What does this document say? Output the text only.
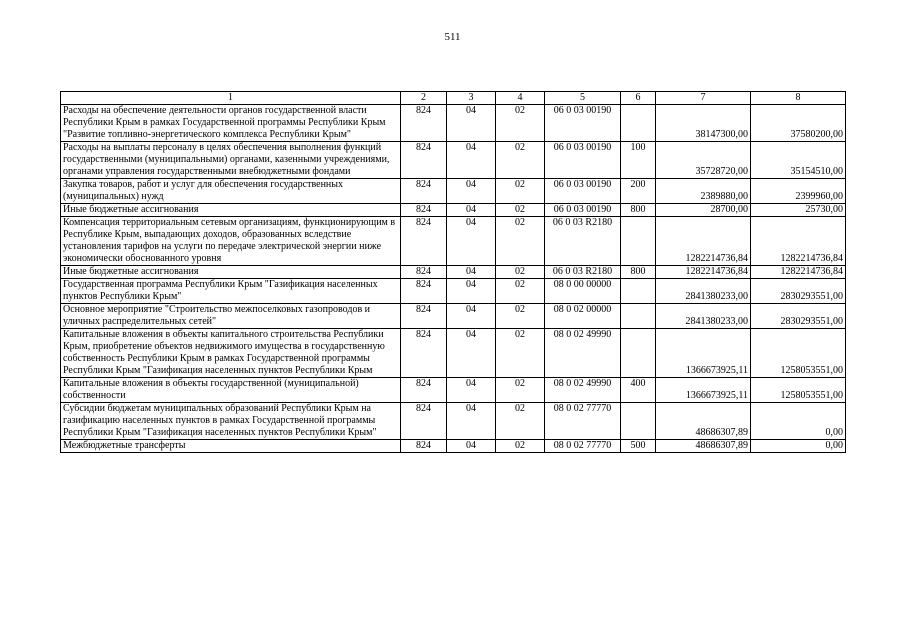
511
1	2	3	4	5	6	7	8
Расходы на обеспечение деятельности органов государственной власти Республики Крым в рамках Государственной программы Республики Крым "Развитие топливно-энергетического комплекса Республики Крым"	824	04	02	06 0 03 00190		38147300,00	37580200,00
Расходы на выплаты персоналу в целях обеспечения выполнения функций государственными (муниципальными) органами, казенными учреждениями, органами управления государственными внебюджетными фондами	824	04	02	06 0 03 00190	100	35728720,00	35154510,00
Закупка товаров, работ и услуг для обеспечения государственных (муниципальных) нужд	824	04	02	06 0 03 00190	200	2389880,00	2399960,00
Иные бюджетные ассигнования	824	04	02	06 0 03 00190	800	28700,00	25730,00
Компенсация территориальным сетевым организациям, функционирующим в Республике Крым, выпадающих доходов, образованных вследствие установления тарифов на услуги по передаче электрической энергии ниже экономически обоснованного уровня	824	04	02	06 0 03 R2180		1282214736,84	1282214736,84
Иные бюджетные ассигнования	824	04	02	06 0 03 R2180	800	1282214736,84	1282214736,84
Государственная программа Республики Крым "Газификация населенных пунктов Республики Крым"	824	04	02	08 0 00 00000		2841380233,00	2830293551,00
Основное мероприятие "Строительство межпоселковых газопроводов и уличных распределительных сетей"	824	04	02	08 0 02 00000		2841380233,00	2830293551,00
Капитальные вложения в объекты капитального строительства Республики Крым, приобретение объектов недвижимого имущества в государственную собственность Республики Крым в рамках Государственной программы Республики Крым "Газификация населенных пунктов Республики Крым	824	04	02	08 0 02 49990		1366673925,11	1258053551,00
Капитальные вложения в объекты государственной (муниципальной) собственности	824	04	02	08 0 02 49990	400	1366673925,11	1258053551,00
Субсидии бюджетам муниципальных образований Республики Крым на газификацию населенных пунктов в рамках Государственной программы Республики Крым "Газификация населенных пунктов Республики Крым"	824	04	02	08 0 02 77770		48686307,89	0,00
Межбюджетные трансферты	824	04	02	08 0 02 77770	500	48686307,89	0,00
